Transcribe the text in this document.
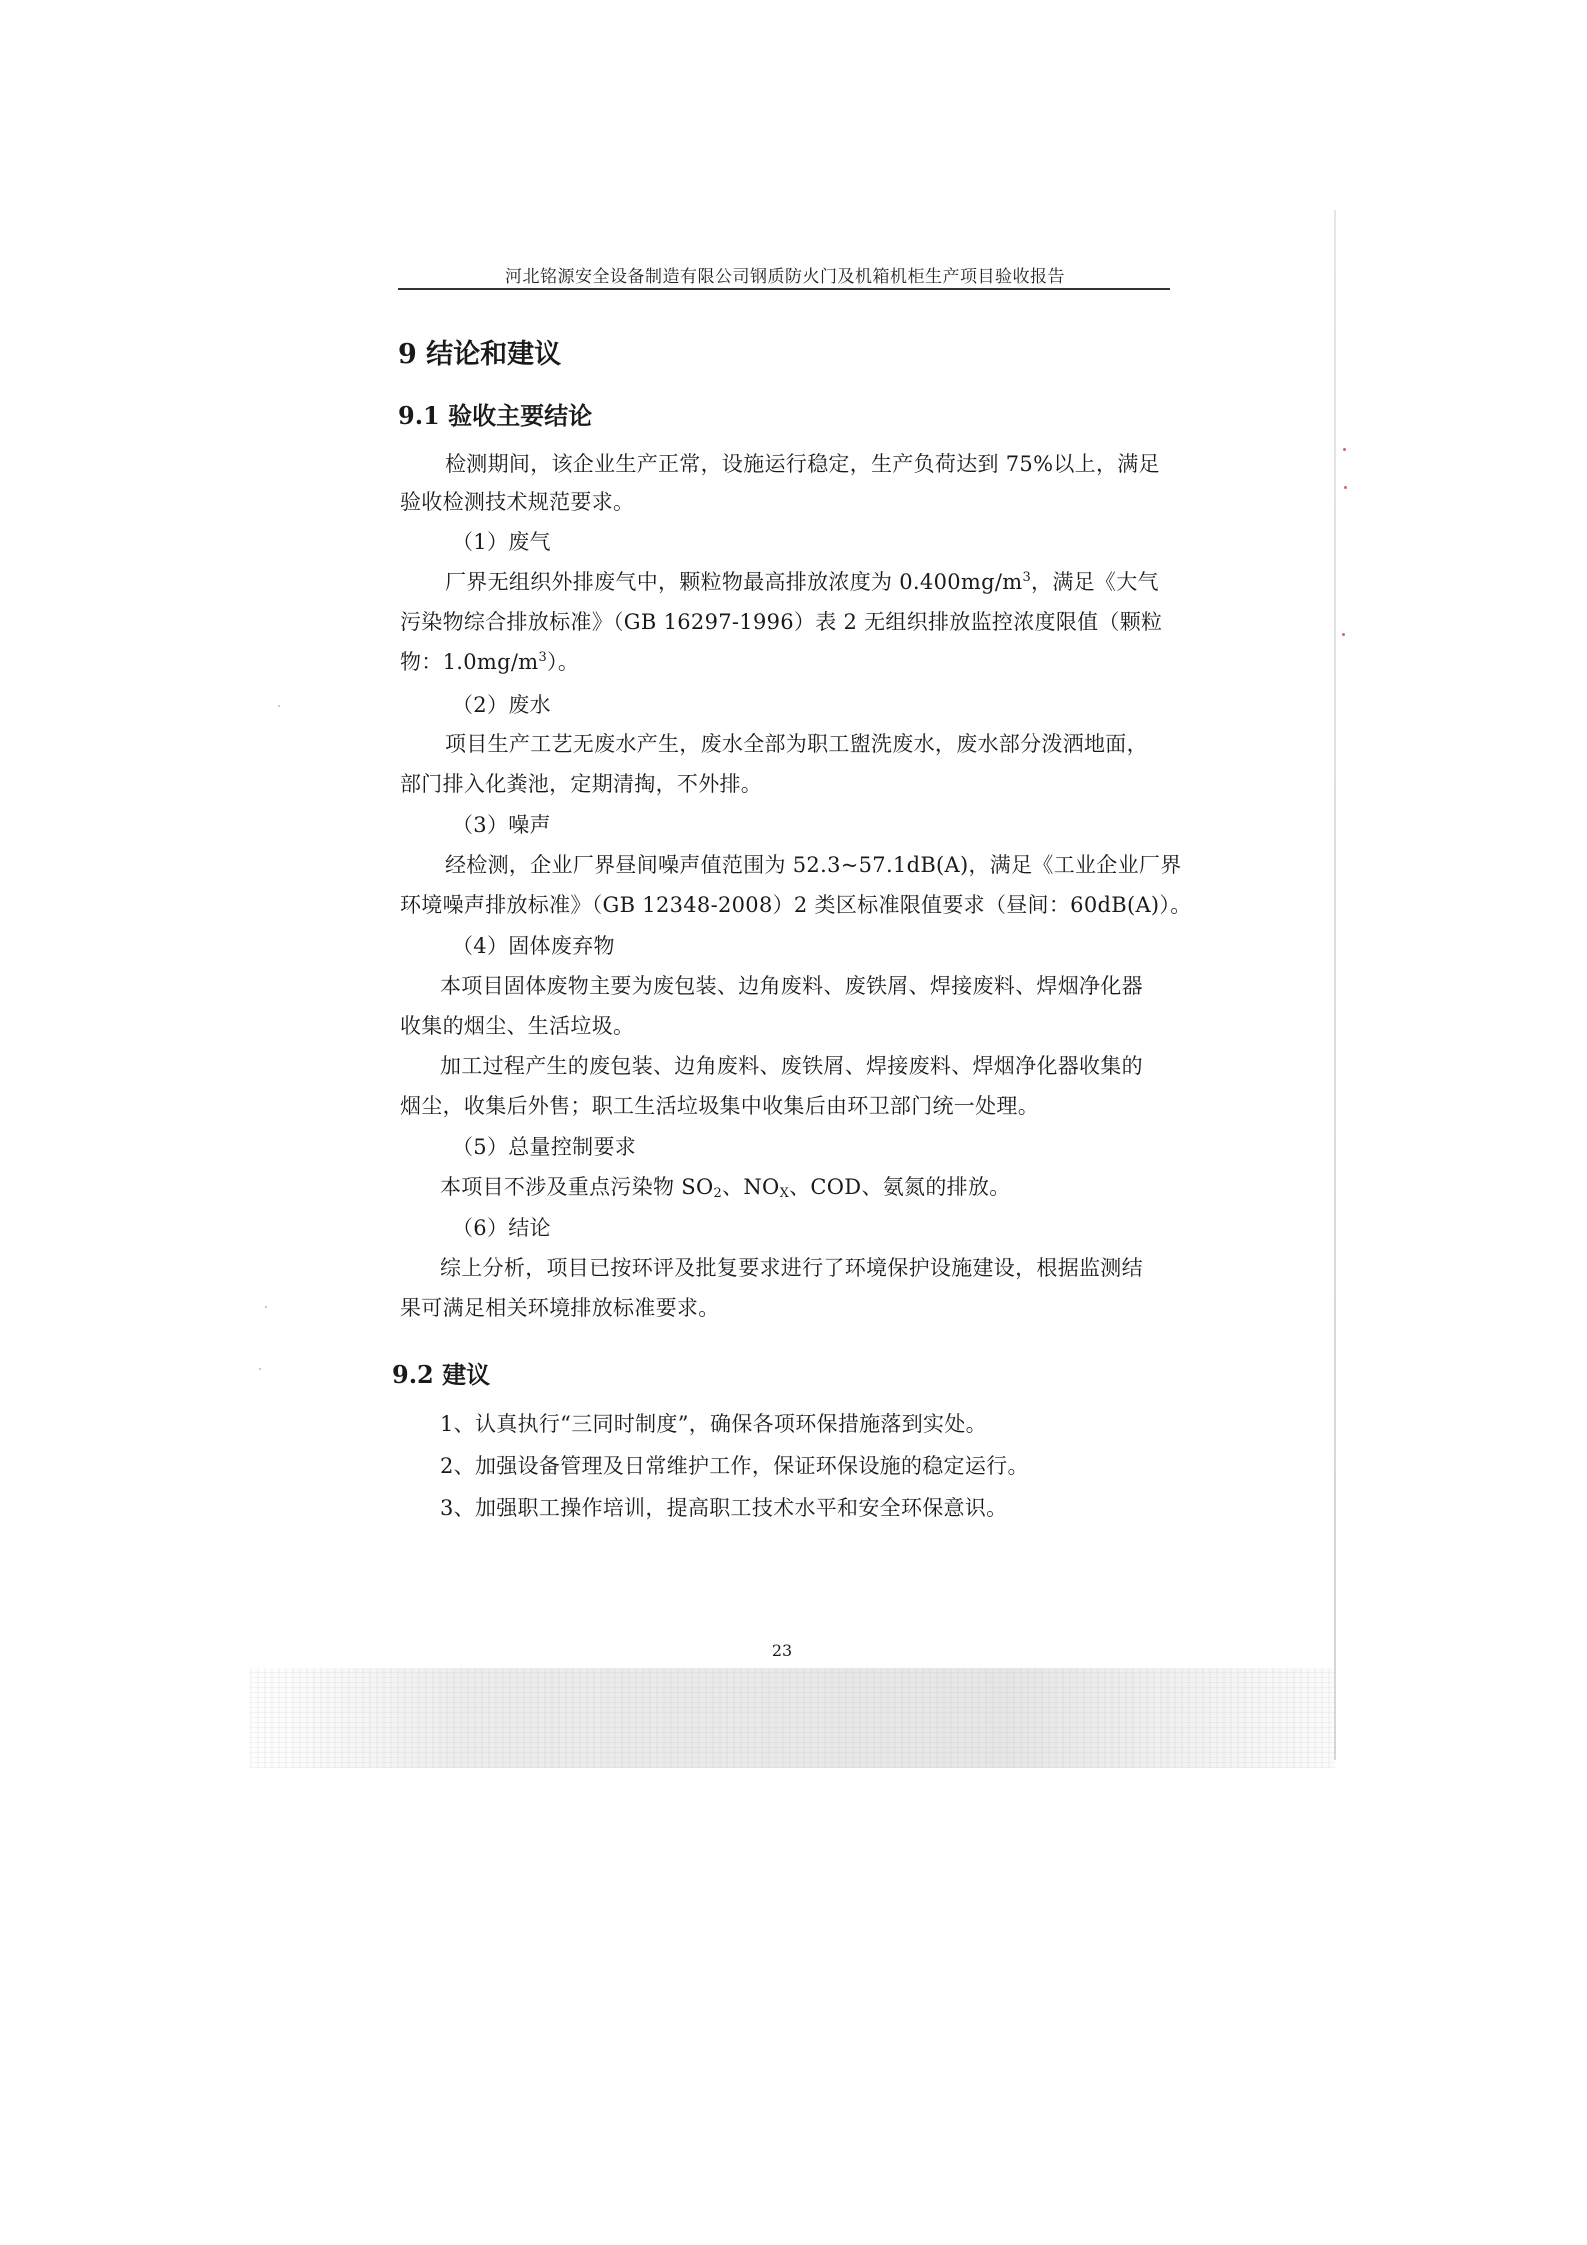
河北铭源安全设备制造有限公司钢质防火门及机箱机柜生产项目验收报告
9 结论和建议
9.1 验收主要结论
检测期间，该企业生产正常，设施运行稳定，生产负荷达到 75%以上，满足
验收检测技术规范要求。
（1）废气
厂界无组织外排废气中，颗粒物最高排放浓度为 $0.400mg/m^3$，满足《大气
污染物综合排放标准》（GB 16297-1996）表 2 无组织排放监控浓度限值（颗粒
物：$1.0mg/m^3$）。
（2）废水
项目生产工艺无废水产生，废水全部为职工盥洗废水，废水部分泼洒地面，
部门排入化粪池，定期清掏，不外排。
（3）噪声
经检测，企业厂界昼间噪声值范围为 52.3~57.1dB(A)，满足《工业企业厂界
环境噪声排放标准》（GB 12348-2008）2 类区标准限值要求（昼间：60dB(A)）。
（4）固体废弃物
本项目固体废物主要为废包装、边角废料、废铁屑、焊接废料、焊烟净化器
收集的烟尘、生活垃圾。
加工过程产生的废包装、边角废料、废铁屑、焊接废料、焊烟净化器收集的
烟尘，收集后外售；职工生活垃圾集中收集后由环卫部门统一处理。
（5）总量控制要求
本项目不涉及重点污染物 $SO_2$、$NO_X$、COD、氨氮的排放。
（6）结论
综上分析，项目已按环评及批复要求进行了环境保护设施建设，根据监测结
果可满足相关环境排放标准要求。
9.2 建议
1、认真执行“三同时制度”，确保各项环保措施落到实处。
2、加强设备管理及日常维护工作，保证环保设施的稳定运行。
3、加强职工操作培训，提高职工技术水平和安全环保意识。
23
